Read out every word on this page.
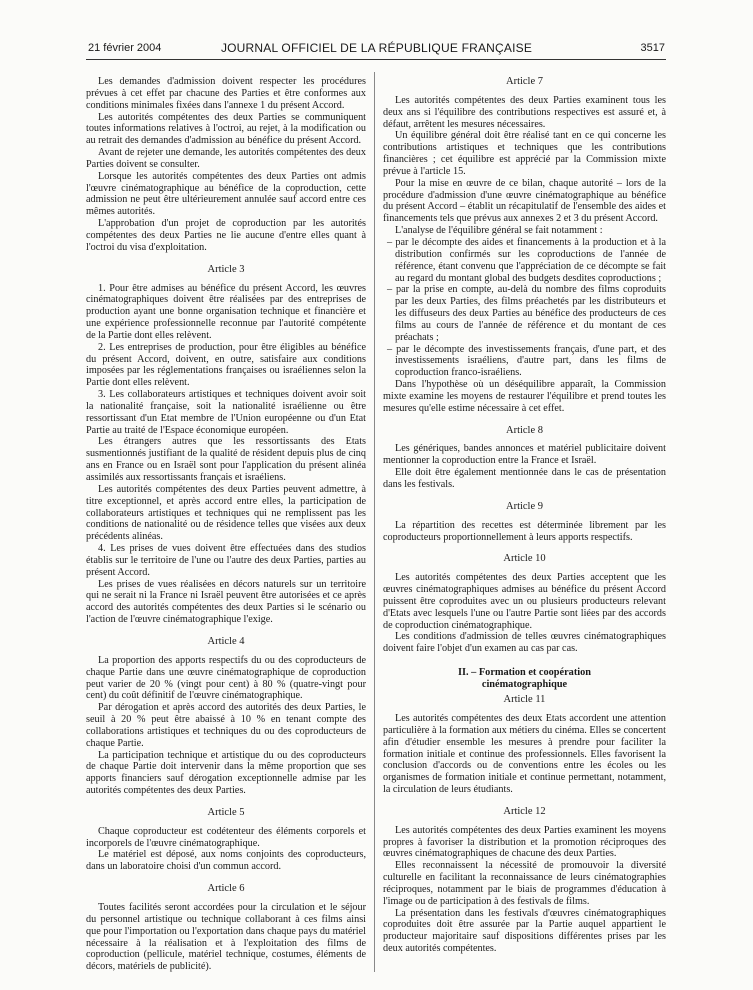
21 février 2004	JOURNAL OFFICIEL DE LA RÉPUBLIQUE FRANÇAISE	3517

Les demandes d'admission doivent respecter les procédures prévues à cet effet par chacune des Parties et être conformes aux conditions minimales fixées dans l'annexe 1 du présent Accord.

Les autorités compétentes des deux Parties se communiquent toutes informations relatives à l'octroi, au rejet, à la modification ou au retrait des demandes d'admission au bénéfice du présent Accord.

Avant de rejeter une demande, les autorités compétentes des deux Parties doivent se consulter.

Lorsque les autorités compétentes des deux Parties ont admis l'œuvre cinématographique au bénéfice de la coproduction, cette admission ne peut être ultérieurement annulée sauf accord entre ces mêmes autorités.

L'approbation d'un projet de coproduction par les autorités compétentes des deux Parties ne lie aucune d'entre elles quant à l'octroi du visa d'exploitation.

Article 3

1. Pour être admises au bénéfice du présent Accord, les œuvres cinématographiques doivent être réalisées par des entreprises de production ayant une bonne organisation technique et financière et une expérience professionnelle reconnue par l'autorité compétente de la Partie dont elles relèvent.

2. Les entreprises de production, pour être éligibles au bénéfice du présent Accord, doivent, en outre, satisfaire aux conditions imposées par les réglementations françaises ou israéliennes selon la Partie dont elles relèvent.

3. Les collaborateurs artistiques et techniques doivent avoir soit la nationalité française, soit la nationalité israélienne ou être ressortissant d'un Etat membre de l'Union européenne ou d'un Etat Partie au traité de l'Espace économique européen.

Les étrangers autres que les ressortissants des Etats susmentionnés justifiant de la qualité de résident depuis plus de cinq ans en France ou en Israël sont pour l'application du présent alinéa assimilés aux ressortissants français et israéliens.

Les autorités compétentes des deux Parties peuvent admettre, à titre exceptionnel, et après accord entre elles, la participation de collaborateurs artistiques et techniques qui ne remplissent pas les conditions de nationalité ou de résidence telles que visées aux deux précédents alinéas.

4. Les prises de vues doivent être effectuées dans des studios établis sur le territoire de l'une ou l'autre des deux Parties, parties au présent Accord.

Les prises de vues réalisées en décors naturels sur un territoire qui ne serait ni la France ni Israël peuvent être autorisées et ce après accord des autorités compétentes des deux Parties si le scénario ou l'action de l'œuvre cinématographique l'exige.

Article 4

La proportion des apports respectifs du ou des coproducteurs de chaque Partie dans une œuvre cinématographique de coproduction peut varier de 20 % (vingt pour cent) à 80 % (quatre-vingt pour cent) du coût définitif de l'œuvre cinématographique.

Par dérogation et après accord des autorités des deux Parties, le seuil à 20 % peut être abaissé à 10 % en tenant compte des collaborations artistiques et techniques du ou des coproducteurs de chaque Partie.

La participation technique et artistique du ou des coproducteurs de chaque Partie doit intervenir dans la même proportion que ses apports financiers sauf dérogation exceptionnelle admise par les autorités compétentes des deux Parties.

Article 5

Chaque coproducteur est codétenteur des éléments corporels et incorporels de l'œuvre cinématographique.

Le matériel est déposé, aux noms conjoints des coproducteurs, dans un laboratoire choisi d'un commun accord.

Article 6

Toutes facilités seront accordées pour la circulation et le séjour du personnel artistique ou technique collaborant à ces films ainsi que pour l'importation ou l'exportation dans chaque pays du matériel nécessaire à la réalisation et à l'exploitation des films de coproduction (pellicule, matériel technique, costumes, éléments de décors, matériels de publicité).

Article 7

Les autorités compétentes des deux Parties examinent tous les deux ans si l'équilibre des contributions respectives est assuré et, à défaut, arrêtent les mesures nécessaires.

Un équilibre général doit être réalisé tant en ce qui concerne les contributions artistiques et techniques que les contributions financières ; cet équilibre est apprécié par la Commission mixte prévue à l'article 15.

Pour la mise en œuvre de ce bilan, chaque autorité – lors de la procédure d'admission d'une œuvre cinématographique au bénéfice du présent Accord – établit un récapitulatif de l'ensemble des aides et financements tels que prévus aux annexes 2 et 3 du présent Accord.

L'analyse de l'équilibre général se fait notamment :

– par le décompte des aides et financements à la production et à la distribution confirmés sur les coproductions de l'année de référence, étant convenu que l'appréciation de ce décompte se fait au regard du montant global des budgets desdites coproductions ;
– par la prise en compte, au-delà du nombre des films coproduits par les deux Parties, des films préachetés par les distributeurs et les diffuseurs des deux Parties au bénéfice des producteurs de ces films au cours de l'année de référence et du montant de ces préachats ;
– par le décompte des investissements français, d'une part, et des investissements israéliens, d'autre part, dans les films de coproduction franco-israéliens.

Dans l'hypothèse où un déséquilibre apparaît, la Commission mixte examine les moyens de restaurer l'équilibre et prend toutes les mesures qu'elle estime nécessaire à cet effet.

Article 8

Les génériques, bandes annonces et matériel publicitaire doivent mentionner la coproduction entre la France et Israël.

Elle doit être également mentionnée dans le cas de présentation dans les festivals.

Article 9

La répartition des recettes est déterminée librement par les coproducteurs proportionnellement à leurs apports respectifs.

Article 10

Les autorités compétentes des deux Parties acceptent que les œuvres cinématographiques admises au bénéfice du présent Accord puissent être coproduites avec un ou plusieurs producteurs relevant d'Etats avec lesquels l'une ou l'autre Partie sont liées par des accords de coproduction cinématographique.

Les conditions d'admission de telles œuvres cinématographiques doivent faire l'objet d'un examen au cas par cas.

II. – Formation et coopération
cinématographique

Article 11

Les autorités compétentes des deux Etats accordent une attention particulière à la formation aux métiers du cinéma. Elles se concertent afin d'étudier ensemble les mesures à prendre pour faciliter la formation initiale et continue des professionnels. Elles favorisent la conclusion d'accords ou de conventions entre les écoles ou les organismes de formation initiale et continue permettant, notamment, la circulation de leurs étudiants.

Article 12

Les autorités compétentes des deux Parties examinent les moyens propres à favoriser la distribution et la promotion réciproques des œuvres cinématographiques de chacune des deux Parties.

Elles reconnaissent la nécessité de promouvoir la diversité culturelle en facilitant la reconnaissance de leurs cinématographies réciproques, notamment par le biais de programmes d'éducation à l'image ou de participation à des festivals de films.

La présentation dans les festivals d'œuvres cinématographiques coproduites doit être assurée par la Partie auquel appartient le producteur majoritaire sauf dispositions différentes prises par les deux autorités compétentes.
